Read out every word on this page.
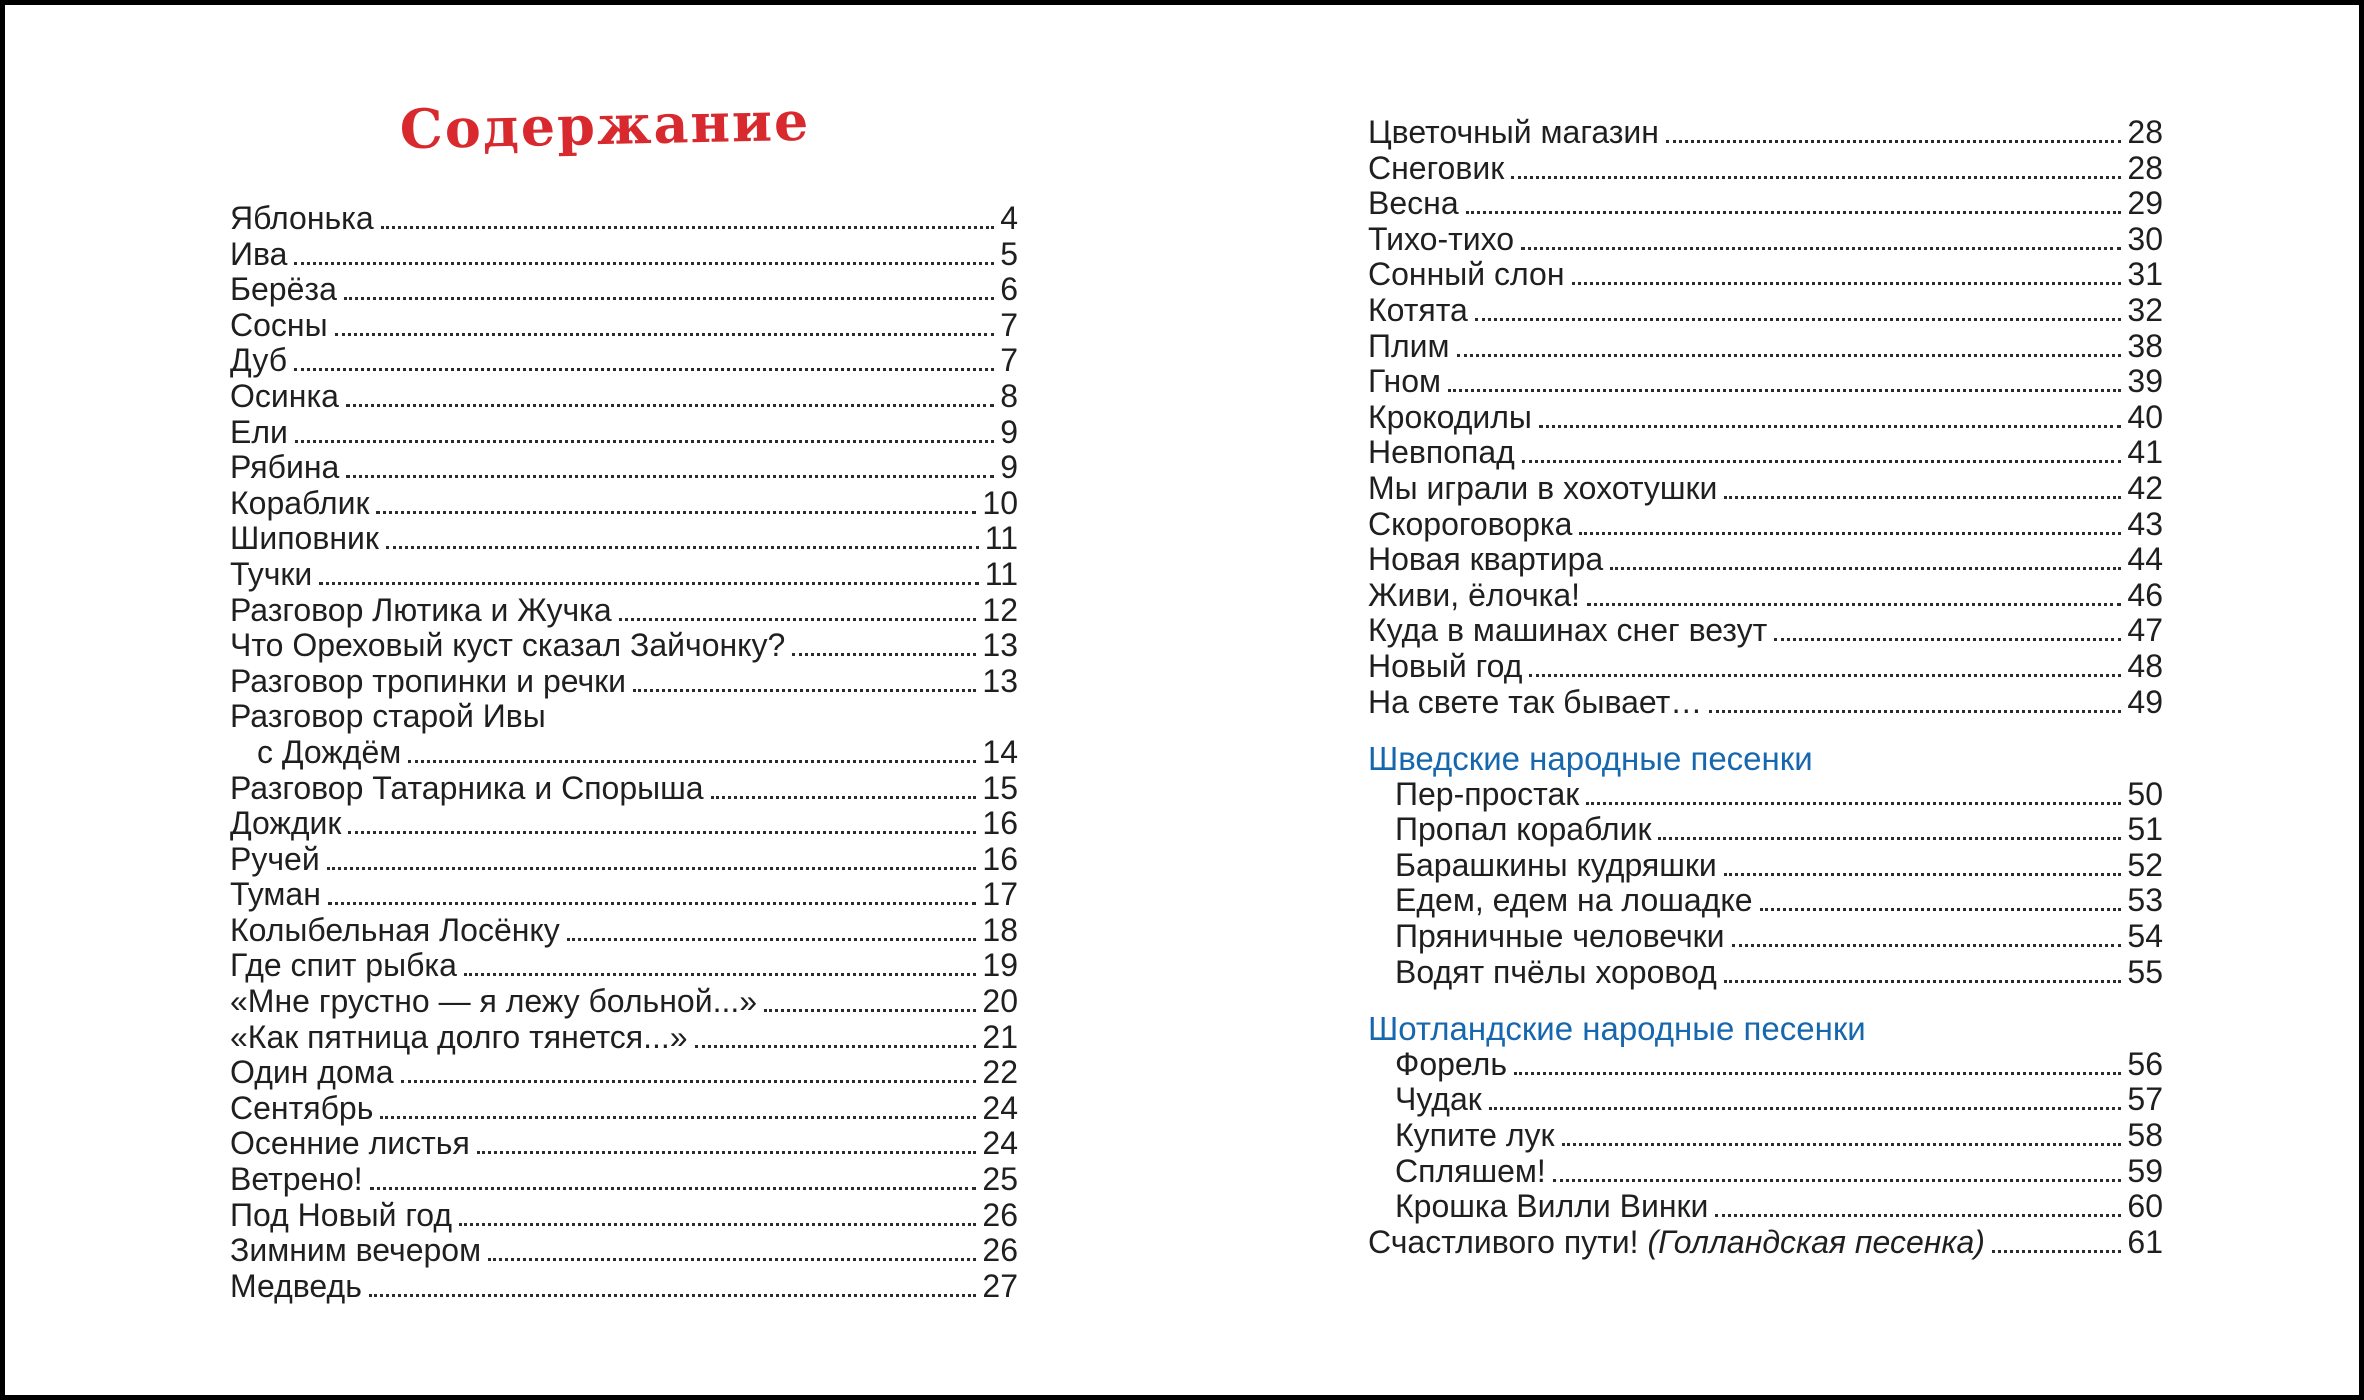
Содержание
Яблонька	4
Ива	5
Берёза	6
Сосны	7
Дуб	7
Осинка	8
Ели	9
Рябина	9
Кораблик	10
Шиповник	11
Тучки	11
Разговор Лютика и Жучка	12
Что Ореховый куст сказал Зайчонку?	13
Разговор тропинки и речки	13
Разговор старой Ивы
с Дождём	14
Разговор Татарника и Спорыша	15
Дождик	16
Ручей	16
Туман	17
Колыбельная Лосёнку	18
Где спит рыбка	19
«Мне грустно — я лежу больной...»	20
«Как пятница долго тянется...»	21
Один дома	22
Сентябрь	24
Осенние листья	24
Ветрено!	25
Под Новый год	26
Зимним вечером	26
Медведь	27
Цветочный магазин	28
Снеговик	28
Весна	29
Тихо-тихо	30
Сонный слон	31
Котята	32
Плим	38
Гном	39
Крокодилы	40
Невпопад	41
Мы играли в хохотушки	42
Скороговорка	43
Новая квартира	44
Живи, ёлочка!	46
Куда в машинах снег везут	47
Новый год	48
На свете так бывает…	49
Шведские народные песенки
Пер-простак	50
Пропал кораблик	51
Барашкины кудряшки	52
Едем, едем на лошадке	53
Пряничные человечки	54
Водят пчёлы хоровод	55
Шотландские народные песенки
Форель	56
Чудак	57
Купите лук	58
Спляшем!	59
Крошка Вилли Винки	60
Счастливого пути! (Голландская песенка)	61
